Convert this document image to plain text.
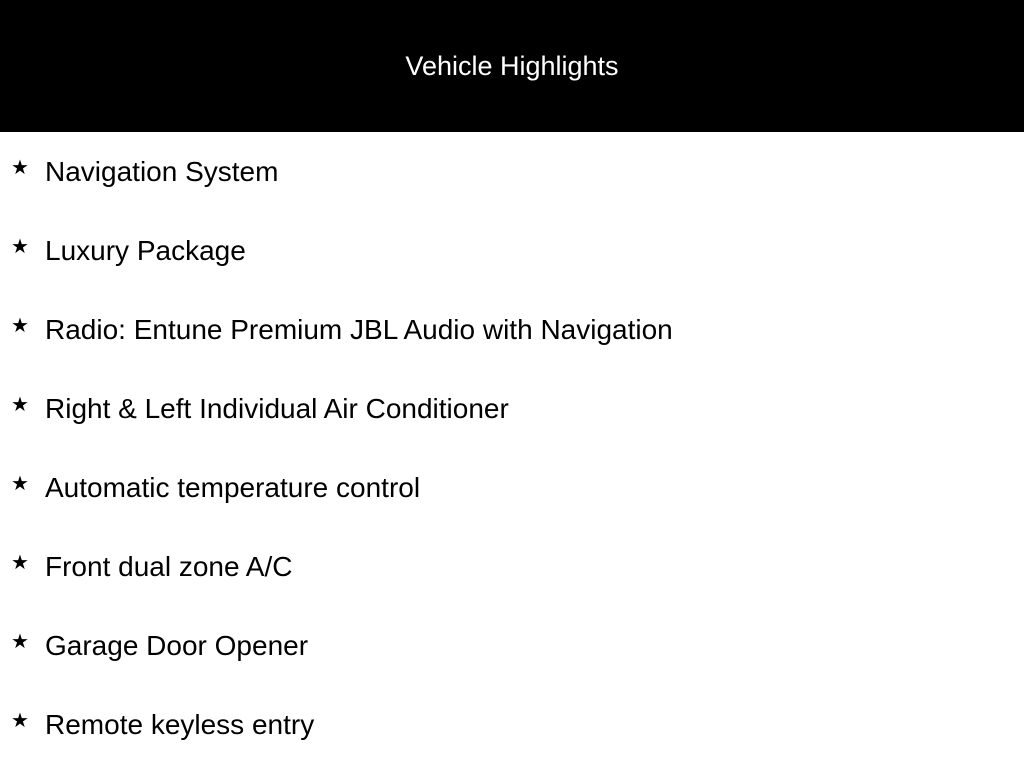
Vehicle Highlights
★ Navigation System
★ Luxury Package
★ Radio: Entune Premium JBL Audio with Navigation
★ Right & Left Individual Air Conditioner
★ Automatic temperature control
★ Front dual zone A/C
★ Garage Door Opener
★ Remote keyless entry
